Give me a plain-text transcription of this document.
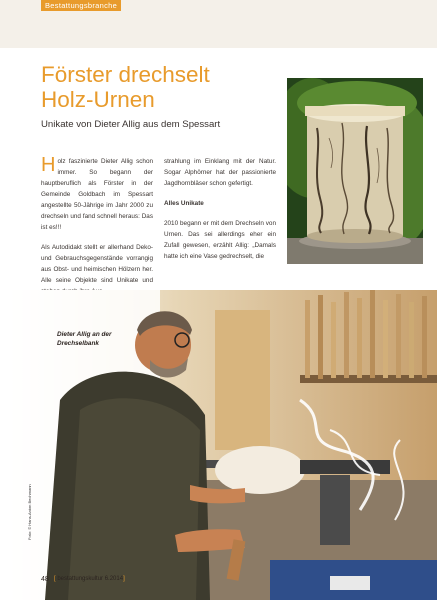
Bestattungsbranche
Förster drechselt
Holz-Urnen

Unikate von Dieter Allig aus dem Spessart

Holz faszinierte Dieter Allig schon immer. So begann der hauptberuflich als Förster in der Gemeinde Goldbach im Spessart angestellte 50-Jährige im Jahr 2000 zu drechseln und fand schnell heraus: Das ist es!!!

Als Autodidakt stellt er allerhand Deko- und Gebrauchsgegenstände vorrangig aus Obst- und heimischen Hölzern her. Alle seine Objekte sind Unikate und

strahlung im Einklang mit der Natur. Sogar Alphörner hat der passionierte Jagdhornbläser schon gefertigt.

Alles Unikate

2010 begann er mit dem Drechseln von Urnen. Das sei allerdings eher ein Zufall gewesen, erzählt Allig: „Damals hatte ich eine Vase gedrechselt, die

Dieter Allig an der
Drechselbank
Foto: © Hans-Anton Bechmann
48 [ bestattungskultur 6.2014]
